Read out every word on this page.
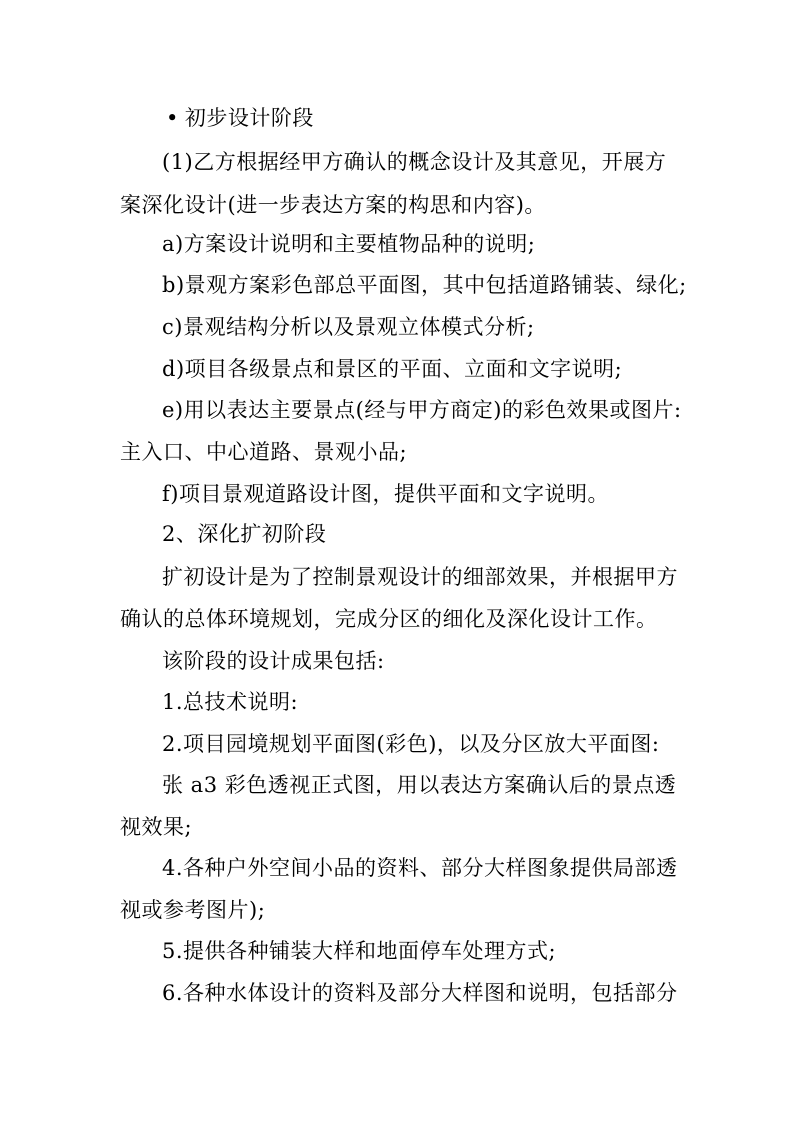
• 初步设计阶段
(1)乙方根据经甲方确认的概念设计及其意见，开展方
案深化设计(进一步表达方案的构思和内容)。
a)方案设计说明和主要植物品种的说明;
b)景观方案彩色部总平面图，其中包括道路铺装、绿化;
c)景观结构分析以及景观立体模式分析;
d)项目各级景点和景区的平面、立面和文字说明;
e)用以表达主要景点(经与甲方商定)的彩色效果或图片:
主入口、中心道路、景观小品;
f)项目景观道路设计图，提供平面和文字说明。
2、深化扩初阶段
扩初设计是为了控制景观设计的细部效果，并根据甲方
确认的总体环境规划，完成分区的细化及深化设计工作。
该阶段的设计成果包括:
1.总技术说明:
2.项目园境规划平面图(彩色)，以及分区放大平面图:
张 a3 彩色透视正式图，用以表达方案确认后的景点透
视效果;
4.各种户外空间小品的资料、部分大样图象提供局部透
视或参考图片);
5.提供各种铺装大样和地面停车处理方式;
6.各种水体设计的资料及部分大样图和说明，包括部分
